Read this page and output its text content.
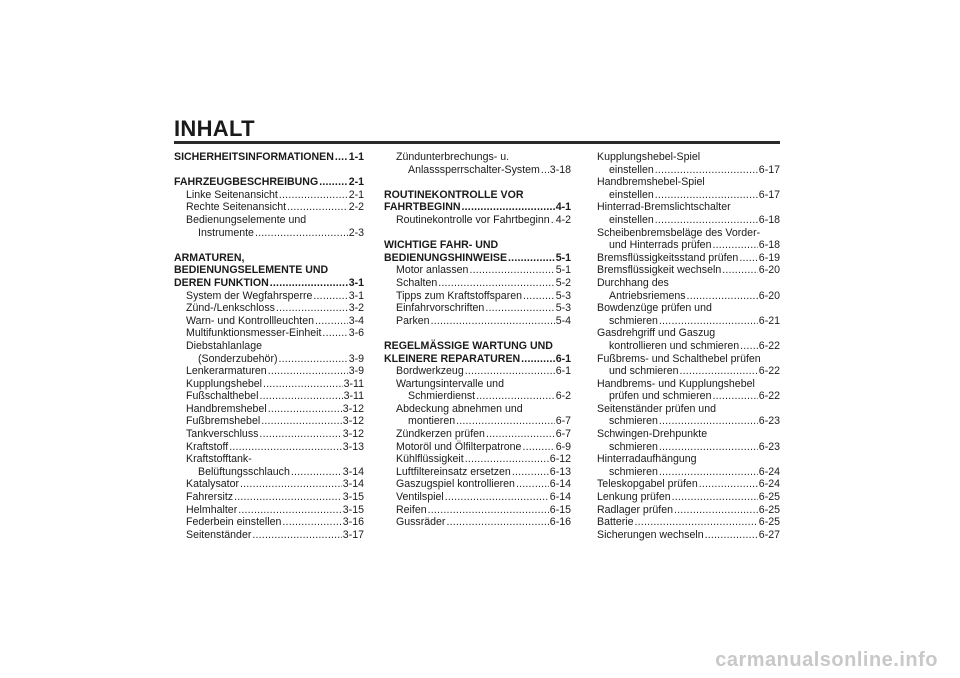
INHALT
SICHERHEITSINFORMATIONEN ..... 1-1
FAHRZEUGBESCHREIBUNG .....	2-1
Linke Seitenansicht .....	2-1
Rechte Seitenansicht .....	2-2
Bedienungselemente und
Instrumente .....	2-3
ARMATUREN,
BEDIENUNGSELEMENTE UND
DEREN FUNKTION .....	3-1
System der Wegfahrsperre .....	3-1
Zünd-/Lenkschloss .....	3-2
Warn- und Kontrollleuchten .....	3-4
Multifunktionsmesser-Einheit .....	3-6
Diebstahlanlage
(Sonderzubehör) .....	3-9
Lenkerarmaturen .....	3-9
Kupplungshebel .....	3-11
Fußschalthebel .....	3-11
Handbremshebel .....	3-12
Fußbremshebel .....	3-12
Tankverschluss .....	3-12
Kraftstoff .....	3-13
Kraftstofftank-
Belüftungsschlauch .....	3-14
Katalysator .....	3-14
Fahrersitz .....	3-15
Helmhalter .....	3-15
Federbein einstellen .....	3-16
Seitenständer .....	3-17
Zündunterbrechungs- u.
Anlasssperrschalter-System ..... 3-18
ROUTINEKONTROLLE VOR
FAHRTBEGINN .....	4-1
Routinekontrolle vor Fahrtbeginn ..... 4-2
WICHTIGE FAHR- UND
BEDIENUNGSHINWEISE .....	5-1
Motor anlassen .....	5-1
Schalten .....	5-2
Tipps zum Kraftstoffsparen .....	5-3
Einfahrvorschriften .....	5-3
Parken .....	5-4
REGELMÄSSIGE WARTUNG UND
KLEINERE REPARATUREN .....	6-1
Bordwerkzeug .....	6-1
Wartungsintervalle und
Schmierdienst .....	6-2
Abdeckung abnehmen und
montieren .....	6-7
Zündkerzen prüfen .....	6-7
Motoröl und Ölfilterpatrone .....	6-9
Kühlflüssigkeit .....	6-12
Luftfiltereinsatz ersetzen .....	6-13
Gaszugspiel kontrollieren .....	6-14
Ventilspiel .....	6-14
Reifen .....	6-15
Gussräder .....	6-16
Kupplungshebel-Spiel
einstellen .....	6-17
Handbremshebel-Spiel
einstellen .....	6-17
Hinterrad-Bremslichtschalter
einstellen .....	6-18
Scheibenbremsbeläge des Vorder-
und Hinterrads prüfen .....	6-18
Bremsflüssigkeitsstand prüfen ..... 6-19
Bremsflüssigkeit wechseln .....	6-20
Durchhang des
Antriebsriemens .....	6-20
Bowdenzüge prüfen und
schmieren .....	6-21
Gasdrehgriff und Gaszug
kontrollieren und schmieren ..... 6-22
Fußbrems- und Schalthebel prüfen
und schmieren .....	6-22
Handbrems- und Kupplungshebel
prüfen und schmieren .....	6-22
Seitenständer prüfen und
schmieren .....	6-23
Schwingen-Drehpunkte
schmieren .....	6-23
Hinterradaufhängung
schmieren .....	6-24
Teleskopgabel prüfen .....	6-24
Lenkung prüfen .....	6-25
Radlager prüfen .....	6-25
Batterie .....	6-25
Sicherungen wechseln .....	6-27
carmanualsonline.info
